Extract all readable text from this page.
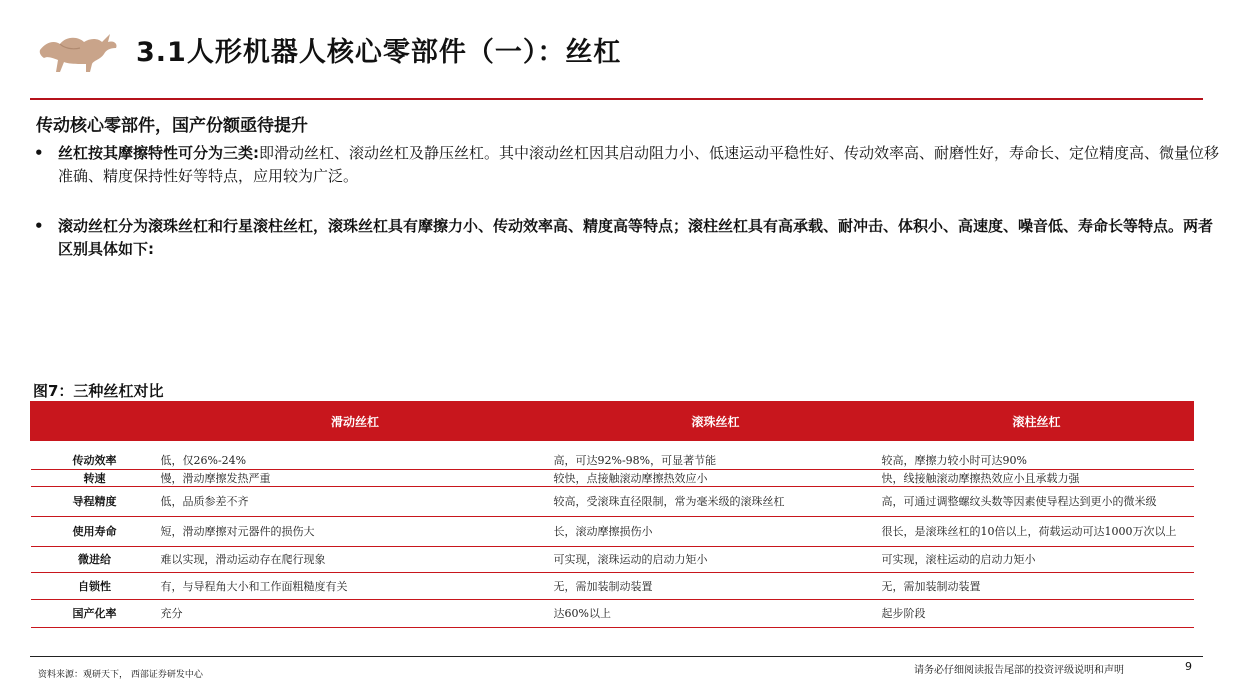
3.1人形机器人核心零部件（一）：丝杠
传动核心零部件，国产份额亟待提升
• 丝杠按其摩擦特性可分为三类:即滑动丝杠、滚动丝杠及静压丝杠。其中滚动丝杠因其启动阻力小、低速运动平稳性好、传动效率高、耐磨性好，寿命长、定位精度高、微量位移准确、精度保持性好等特点，应用较为广泛。
• 滚动丝杠分为滚珠丝杠和行星滚柱丝杠，滚珠丝杠具有摩擦力小、传动效率高、精度高等特点；滚柱丝杠具有高承载、耐冲击、体积小、高速度、噪音低、寿命长等特点。两者区别具体如下:
图7：三种丝杠对比
	滑动丝杠	滚珠丝杠	滚柱丝杠
传动效率	低，仅26%-24%	高，可达92%-98%，可显著节能	较高，摩擦力较小时可达90%
转速	慢，滑动摩擦发热严重	较快，点接触滚动摩擦热效应小	快，线接触滚动摩擦热效应小且承载力强
导程精度	低，品质参差不齐	较高，受滚珠直径限制，常为毫米级的滚珠丝杠	高，可通过调整螺纹头数等因素使导程达到更小的微米级
使用寿命	短，滑动摩擦对元器件的损伤大	长，滚动摩擦损伤小	很长，是滚珠丝杠的10倍以上，荷载运动可达1000万次以上
微进给	难以实现，滑动运动存在爬行现象	可实现，滚珠运动的启动力矩小	可实现，滚柱运动的启动力矩小
自锁性	有，与导程角大小和工作面粗糙度有关	无，需加装制动装置	无，需加装制动装置
国产化率	充分	达60%以上	起步阶段
资料来源：观研天下， 西部证券研发中心	请务必仔细阅读报告尾部的投资评级说明和声明	9
